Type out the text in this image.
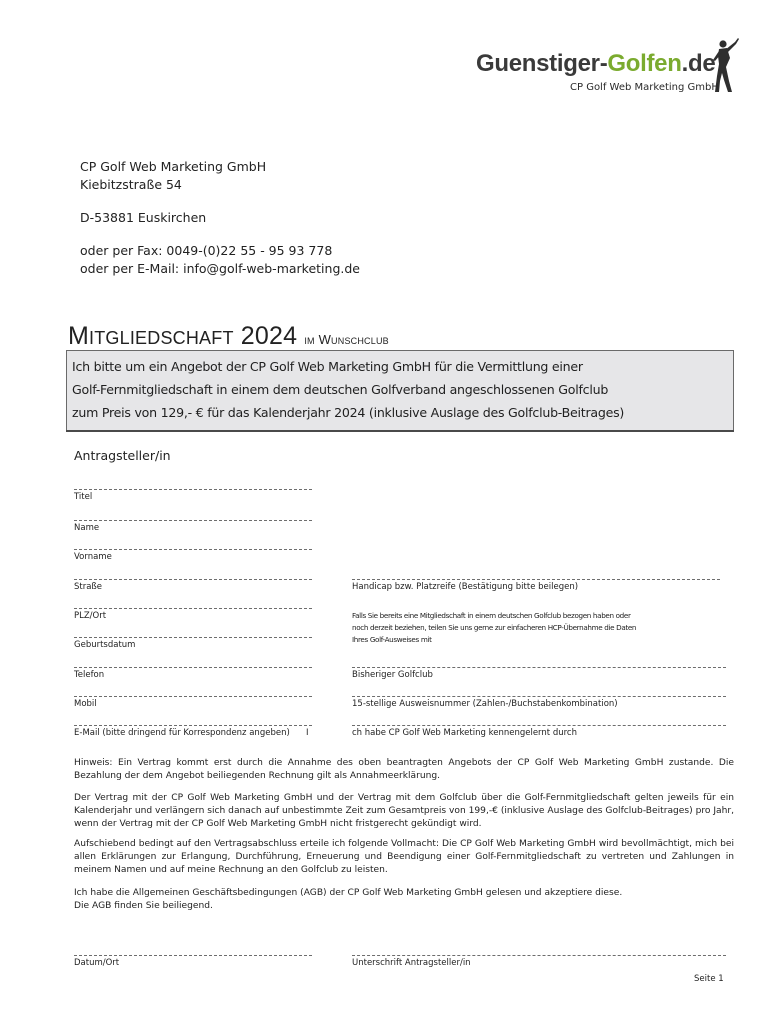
Guenstiger-Golfen.de
CP Golf Web Marketing GmbH
CP Golf Web Marketing GmbH
Kiebitzstraße 54
D-53881 Euskirchen
oder per Fax: 0049-(0)22 55 - 95 93 778
oder per E-Mail: info@golf-web-marketing.de
Mitgliedschaft 2024 im Wunschclub
Ich bitte um ein Angebot der CP Golf Web Marketing GmbH für die Vermittlung einer
Golf-Fernmitgliedschaft in einem dem deutschen Golfverband angeschlossenen Golfclub
zum Preis von 129,- € für das Kalenderjahr 2024 (inklusive Auslage des Golfclub-Beitrages)
Antragsteller/in
Titel
Name
Vorname
Straße
PLZ/Ort
Geburtsdatum
Telefon
Mobil
E-Mail (bitte dringend für Korrespondenz angeben) I
Handicap bzw. Platzreife (Bestätigung bitte beilegen)
Falls Sie bereits eine Mitgliedschaft in einem deutschen Golfclub bezogen haben oder
noch derzeit beziehen, teilen Sie uns gerne zur einfacheren HCP-Übernahme die Daten
Ihres Golf-Ausweises mit
Bisheriger Golfclub
15-stellige Ausweisnummer (Zahlen-/Buchstabenkombination)
ch habe CP Golf Web Marketing kennengelernt durch
Hinweis: Ein Vertrag kommt erst durch die Annahme des oben beantragten Angebots der CP Golf Web Marketing GmbH zustande. Die Bezahlung der dem Angebot beiliegenden Rechnung gilt als Annahmeerklärung.
Der Vertrag mit der CP Golf Web Marketing GmbH und der Vertrag mit dem Golfclub über die Golf-Fernmitgliedschaft gelten jeweils für ein Kalenderjahr und verlängern sich danach auf unbestimmte Zeit zum Gesamtpreis von 199,-€ (inklusive Auslage des Golfclub-Beitrages) pro Jahr, wenn der Vertrag mit der CP Golf Web Marketing GmbH nicht fristgerecht gekündigt wird.
Aufschiebend bedingt auf den Vertragsabschluss erteile ich folgende Vollmacht: Die CP Golf Web Marketing GmbH wird bevollmächtigt, mich bei allen Erklärungen zur Erlangung, Durchführung, Erneuerung und Beendigung einer Golf-Fernmitgliedschaft zu vertreten und Zahlungen in meinem Namen und auf meine Rechnung an den Golfclub zu leisten.
Ich habe die Allgemeinen Geschäftsbedingungen (AGB) der CP Golf Web Marketing GmbH gelesen und akzeptiere diese.
Die AGB finden Sie beiliegend.
Datum/Ort	Unterschrift Antragsteller/in
Seite 1
